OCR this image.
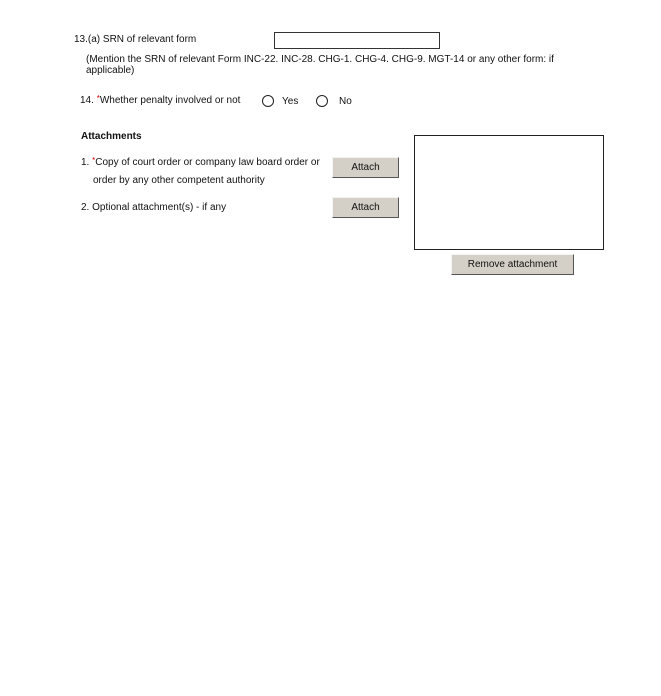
13.(a) SRN of relevant form
(Mention the SRN of relevant Form INC-22. INC-28. CHG-1. CHG-4. CHG-9. MGT-14 or any other form: if
applicable)
14. *Whether penalty involved or not	Yes	No
Attachments
1. *Copy of court order or company law board order or
order by any other competent authority
Attach
2. Optional attachment(s) - if any	Attach
Remove attachment
